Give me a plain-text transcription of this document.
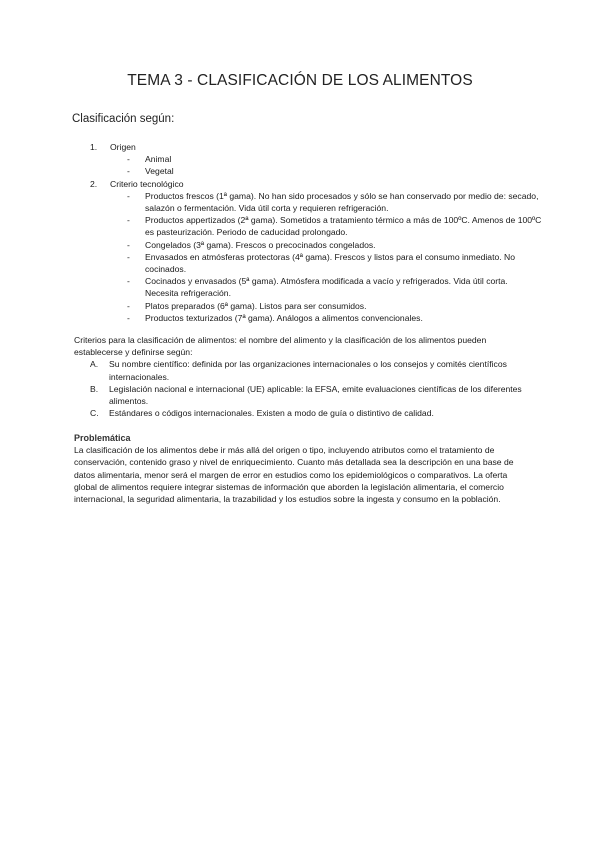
TEMA 3 - CLASIFICACIÓN DE LOS ALIMENTOS
Clasificación según:
1. Origen
- Animal
- Vegetal
2. Criterio tecnológico
- Productos frescos (1ª gama). No han sido procesados y sólo se han conservado por medio de: secado, salazón o fermentación. Vida útil corta y requieren refrigeración.
- Productos appertizados (2ª gama). Sometidos a tratamiento térmico a más de 100ºC. Amenos de 100ºC es pasteurización. Periodo de caducidad prolongado.
- Congelados (3ª gama). Frescos o precocinados congelados.
- Envasados en atmósferas protectoras (4ª gama). Frescos y listos para el consumo inmediato. No cocinados.
- Cocinados y envasados (5ª gama). Atmósfera modificada a vacío y refrigerados. Vida útil corta. Necesita refrigeración.
- Platos preparados (6ª gama). Listos para ser consumidos.
- Productos texturizados (7ª gama). Análogos a alimentos convencionales.

Criterios para la clasificación de alimentos: el nombre del alimento y la clasificación de los alimentos pueden establecerse y definirse según:

A. Su nombre científico: definida por las organizaciones internacionales o los consejos y comités científicos internacionales.
B. Legislación nacional e internacional (UE) aplicable: la EFSA, emite evaluaciones científicas de los diferentes alimentos.
C. Estándares o códigos internacionales. Existen a modo de guía o distintivo de calidad.
Problemática

La clasificación de los alimentos debe ir más allá del origen o tipo, incluyendo atributos como el tratamiento de conservación, contenido graso y nivel de enriquecimiento. Cuanto más detallada sea la descripción en una base de datos alimentaria, menor será el margen de error en estudios como los epidemiológicos o comparativos. La oferta global de alimentos requiere integrar sistemas de información que aborden la legislación alimentaria, el comercio internacional, la seguridad alimentaria, la trazabilidad y los estudios sobre la ingesta y consumo en la población.
